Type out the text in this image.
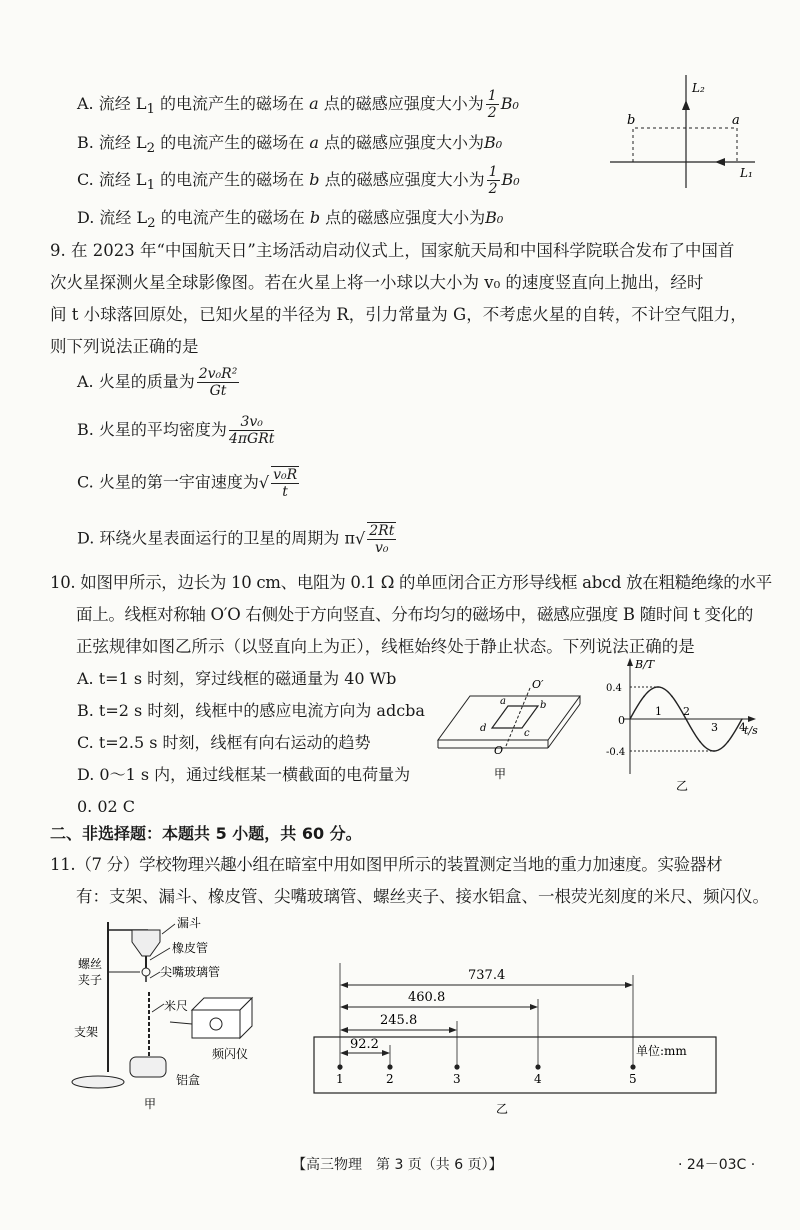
A. 流经 $L_1$ 的电流产生的磁场在 a 点的磁感应强度大小为 $\frac{1}{2} B_0$
B. 流经 $L_2$ 的电流产生的磁场在 a 点的磁感应强度大小为B₀
C. 流经 $L_1$ 的电流产生的磁场在 b 点的磁感应强度大小为 $\frac{1}{2} B_0$
D. 流经 $L_2$ 的电流产生的磁场在 b 点的磁感应强度大小为B₀
L₂
L₁
b	a
9. 在 2023 年“中国航天日”主场活动启动仪式上，国家航天局和中国科学院联合发布了中国首
次火星探测火星全球影像图。若在火星上将一小球以大小为 v₀ 的速度竖直向上抛出，经时
间 t 小球落回原处，已知火星的半径为 R，引力常量为 G，不考虑火星的自转，不计空气阻力，
则下列说法正确的是
A. 火星的质量为 $\frac{\text{2v₀R²}}{Gt}$
B. 火星的平均密度为 $\frac{\text{3v₀}}{\text{4πGRt}}$
C. 火星的第一宇宙速度为√ $\frac{\text{v₀R}}{t}$
D. 环绕火星表面运行的卫星的周期为 $\pi√ \frac{2Rt}{\text{v₀}}$
10. 如图甲所示，边长为 10 cm、电阻为 0.1 Ω 的单匝闭合正方形导线框 abcd 放在粗糙绝缘的水平
面上。线框对称轴 O′O 右侧处于方向竖直、分布均匀的磁场中，磁感应强度 B 随时间 t 变化的
正弦规律如图乙所示（以竖直向上为正），线框始终处于静止状态。下列说法正确的是
A. t=1 s 时刻，穿过线框的磁通量为 40 Wb
B. t=2 s 时刻，线框中的感应电流方向为 adcba
C. t=2.5 s 时刻，线框有向右运动的趋势
D. 0～1 s 内，通过线框某一横截面的电荷量为
0. 02 C
O′
O
a	b
c
d
甲
B/T
t/s
0
乙
0.4
-0.4
1 2
3 4
二、非选择题：本题共 5 小题，共 60 分。
11.（7 分）学校物理兴趣小组在暗室中用如图甲所示的装置测定当地的重力加速度。实验器材
有：支架、漏斗、橡皮管、尖嘴玻璃管、螺丝夹子、接水铝盒、一根荧光刻度的米尺、频闪仪。
漏斗
橡皮管
螺丝
夹子
尖嘴玻璃管
米尺
支架
频闪仪
铝盒
甲
737.4
460.8
245.8
92.2
1	2	3	4	5
单位:mm
乙
【高三物理　第 3 页（共 6 页）】	· 24－03C ·
